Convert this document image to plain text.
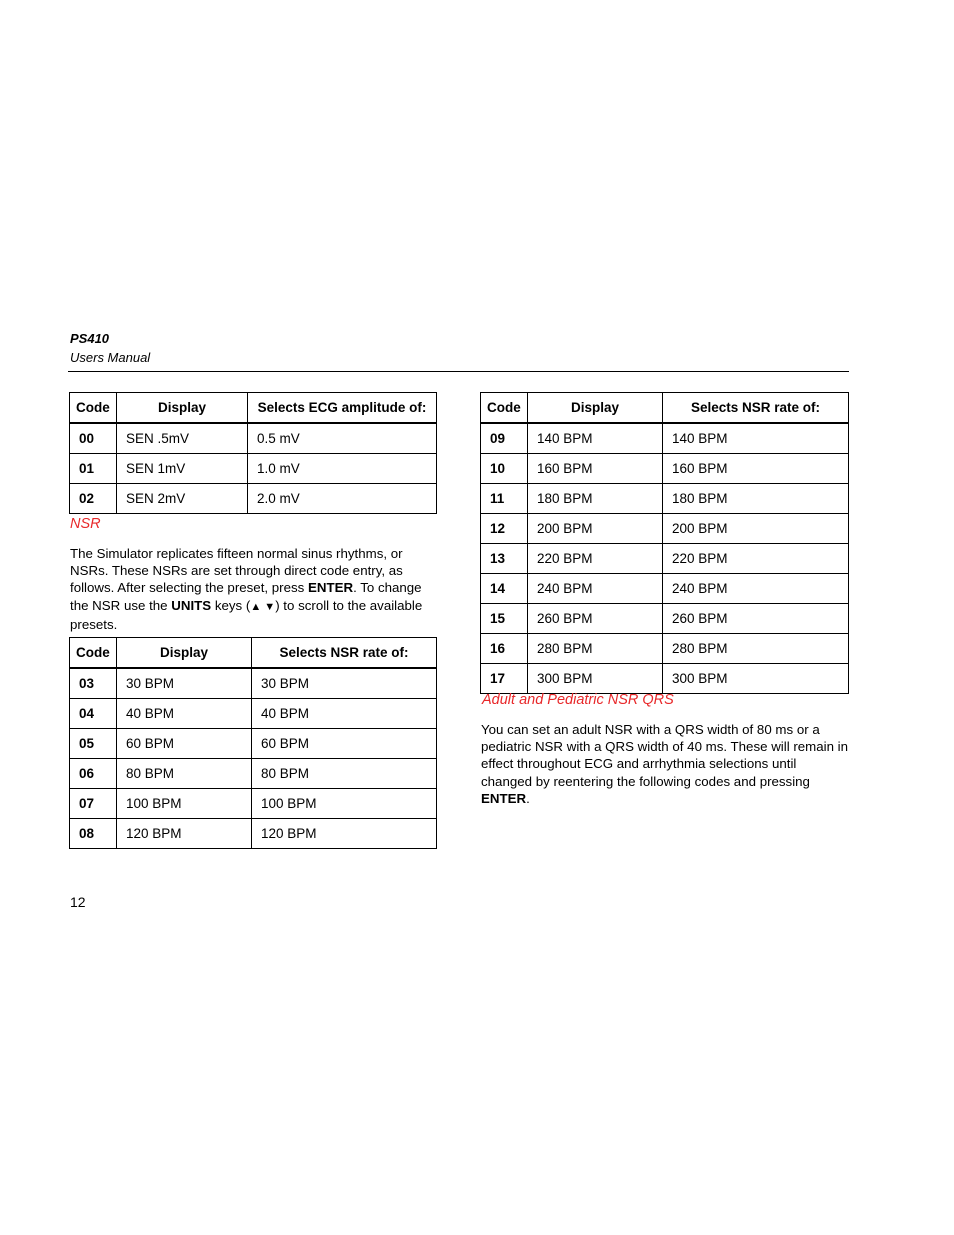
PS410
Users Manual
Code	Display	Selects ECG amplitude of:
00	SEN .5mV	0.5 mV
01	SEN 1mV	1.0 mV
02	SEN 2mV	2.0 mV
NSR
The Simulator replicates fifteen normal sinus rhythms, or NSRs. These NSRs are set through direct code entry, as follows. After selecting the preset, press ENTER. To change the NSR use the UNITS keys (▲ ▼) to scroll to the available presets.
Code	Display	Selects NSR rate of:
03	30 BPM	30 BPM
04	40 BPM	40 BPM
05	60 BPM	60 BPM
06	80 BPM	80 BPM
07	100 BPM	100 BPM
08	120 BPM	120 BPM
Code	Display	Selects NSR rate of:
09	140 BPM	140 BPM
10	160 BPM	160 BPM
11	180 BPM	180 BPM
12	200 BPM	200 BPM
13	220 BPM	220 BPM
14	240 BPM	240 BPM
15	260 BPM	260 BPM
16	280 BPM	280 BPM
17	300 BPM	300 BPM
Adult and Pediatric NSR QRS
You can set an adult NSR with a QRS width of 80 ms or a pediatric NSR with a QRS width of 40 ms. These will remain in effect throughout ECG and arrhythmia selections until changed by reentering the following codes and pressing ENTER.
12
